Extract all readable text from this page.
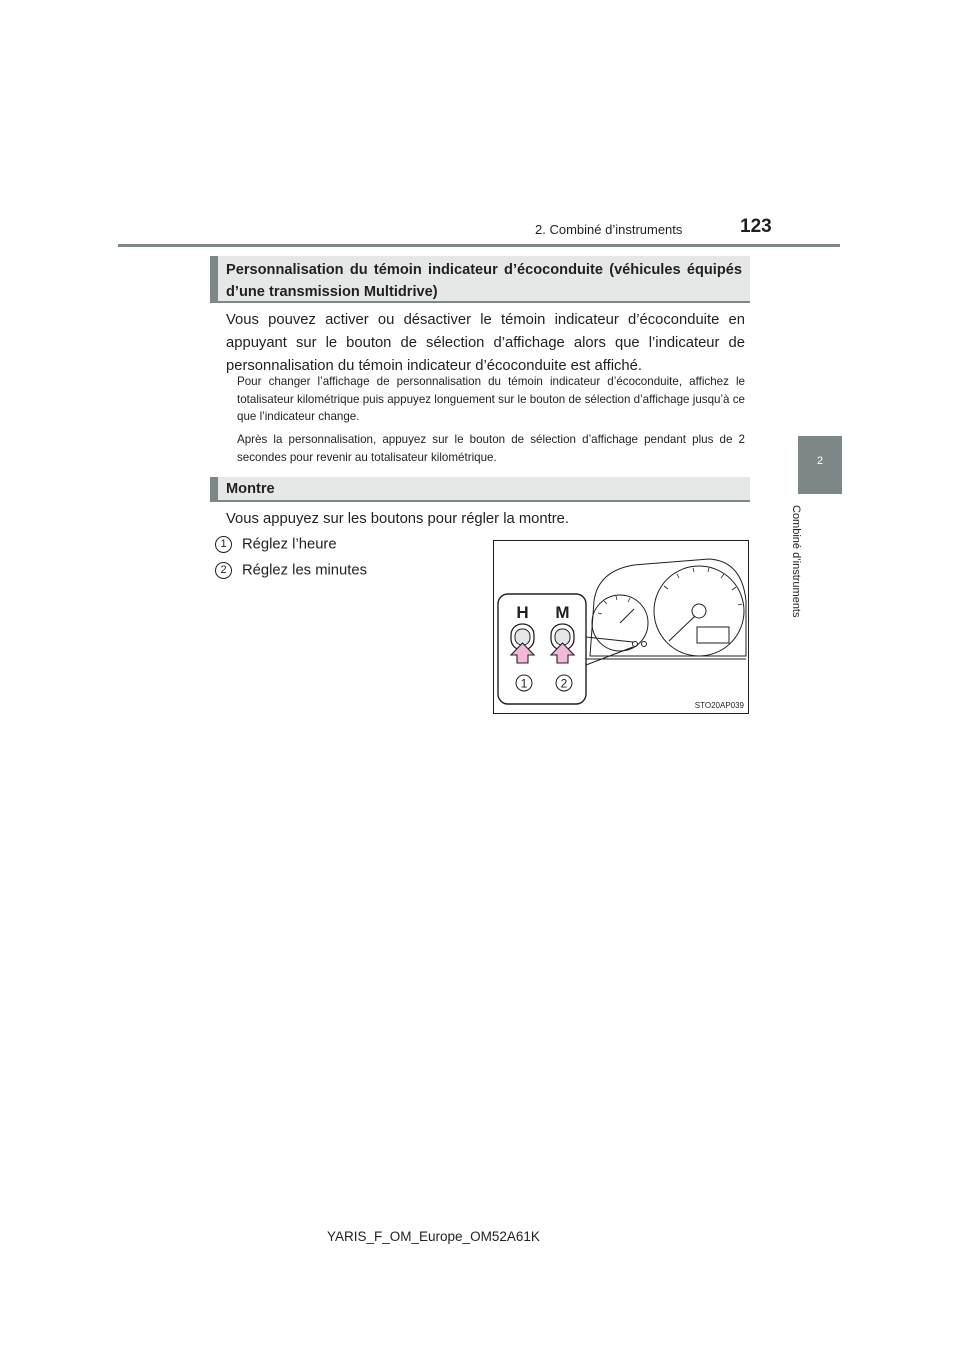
2. Combiné d’instruments	123
2
Combiné d’instruments
Personnalisation du témoin indicateur d’écoconduite (véhicules équipés d’une transmission Multidrive)
Vous pouvez activer ou désactiver le témoin indicateur d’écoconduite en appuyant sur le bouton de sélection d’affichage alors que l’indicateur de personnalisation du témoin indicateur d’écoconduite est affiché.
Pour changer l’affichage de personnalisation du témoin indicateur d’écoconduite, affichez le totalisateur kilométrique puis appuyez longuement sur le bouton de sélection d’affichage jusqu’à ce que l’indicateur change.
Après la personnalisation, appuyez sur le bouton de sélection d’affichage pendant plus de 2 secondes pour revenir au totalisateur kilométrique.
Montre
Vous appuyez sur les boutons pour régler la montre.
1 Réglez l’heure
2 Réglez les minutes
H M
1	2
STO20AP039
YARIS_F_OM_Europe_OM52A61K
